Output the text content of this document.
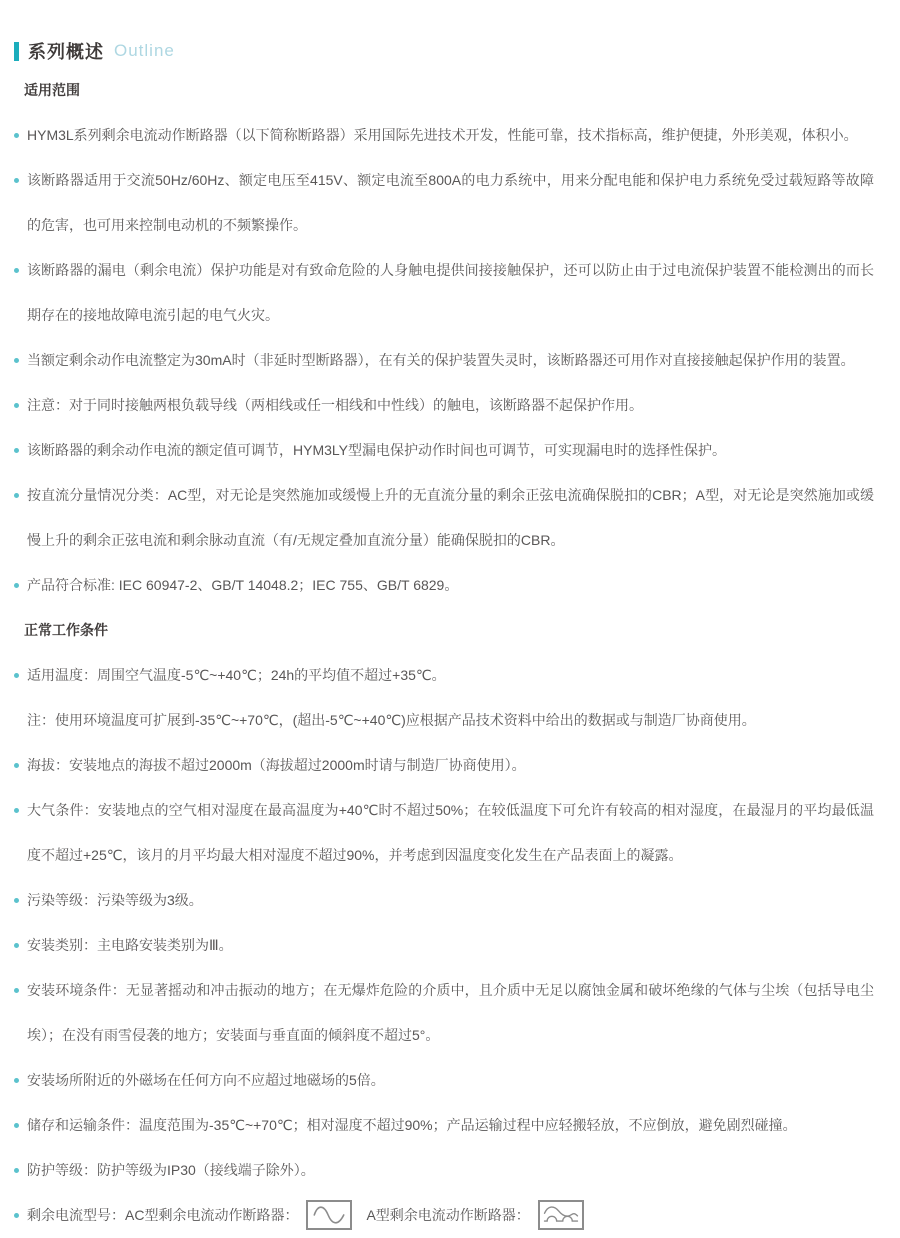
系列概述 Outline
适用范围
HYM3L系列剩余电流动作断路器（以下简称断路器）采用国际先进技术开发，性能可靠，技术指标高，维护便捷，外形美观，体积小。
该断路器适用于交流50Hz/60Hz、额定电压至415V、额定电流至800A的电力系统中，用来分配电能和保护电力系统免受过载短路等故障的危害，也可用来控制电动机的不频繁操作。
该断路器的漏电（剩余电流）保护功能是对有致命危险的人身触电提供间接接触保护，还可以防止由于过电流保护装置不能检测出的而长期存在的接地故障电流引起的电气火灾。
当额定剩余动作电流整定为30mA时（非延时型断路器），在有关的保护装置失灵时，该断路器还可用作对直接接触起保护作用的装置。
注意：对于同时接触两根负载导线（两相线或任一相线和中性线）的触电，该断路器不起保护作用。
该断路器的剩余动作电流的额定值可调节，HYM3LY型漏电保护动作时间也可调节，可实现漏电时的选择性保护。
按直流分量情况分类：AC型，对无论是突然施加或缓慢上升的无直流分量的剩余正弦电流确保脱扣的CBR；A型，对无论是突然施加或缓慢上升的剩余正弦电流和剩余脉动直流（有/无规定叠加直流分量）能确保脱扣的CBR。
产品符合标准: IEC 60947-2、GB/T 14048.2；IEC 755、GB/T 6829。
正常工作条件
适用温度：周围空气温度-5℃~+40℃；24h的平均值不超过+35℃。
注：使用环境温度可扩展到-35℃~+70℃，(超出-5℃~+40℃)应根据产品技术资料中给出的数据或与制造厂协商使用。
海拔：安装地点的海拔不超过2000m（海拔超过2000m时请与制造厂协商使用）。
大气条件：安装地点的空气相对湿度在最高温度为+40℃时不超过50%；在较低温度下可允许有较高的相对湿度，在最湿月的平均最低温度不超过+25℃，该月的月平均最大相对湿度不超过90%，并考虑到因温度变化发生在产品表面上的凝露。
污染等级：污染等级为3级。
安装类别：主电路安装类别为Ⅲ。
安装环境条件：无显著摇动和冲击振动的地方；在无爆炸危险的介质中，且介质中无足以腐蚀金属和破坏绝缘的气体与尘埃（包括导电尘埃）；在没有雨雪侵袭的地方；安装面与垂直面的倾斜度不超过5°。
安装场所附近的外磁场在任何方向不应超过地磁场的5倍。
储存和运输条件：温度范围为-35℃~+70℃；相对湿度不超过90%；产品运输过程中应轻搬轻放，不应倒放，避免剧烈碰撞。
防护等级：防护等级为IP30（接线端子除外）。
剩余电流型号：AC型剩余电流动作断路器：	A型剩余电流动作断路器：
